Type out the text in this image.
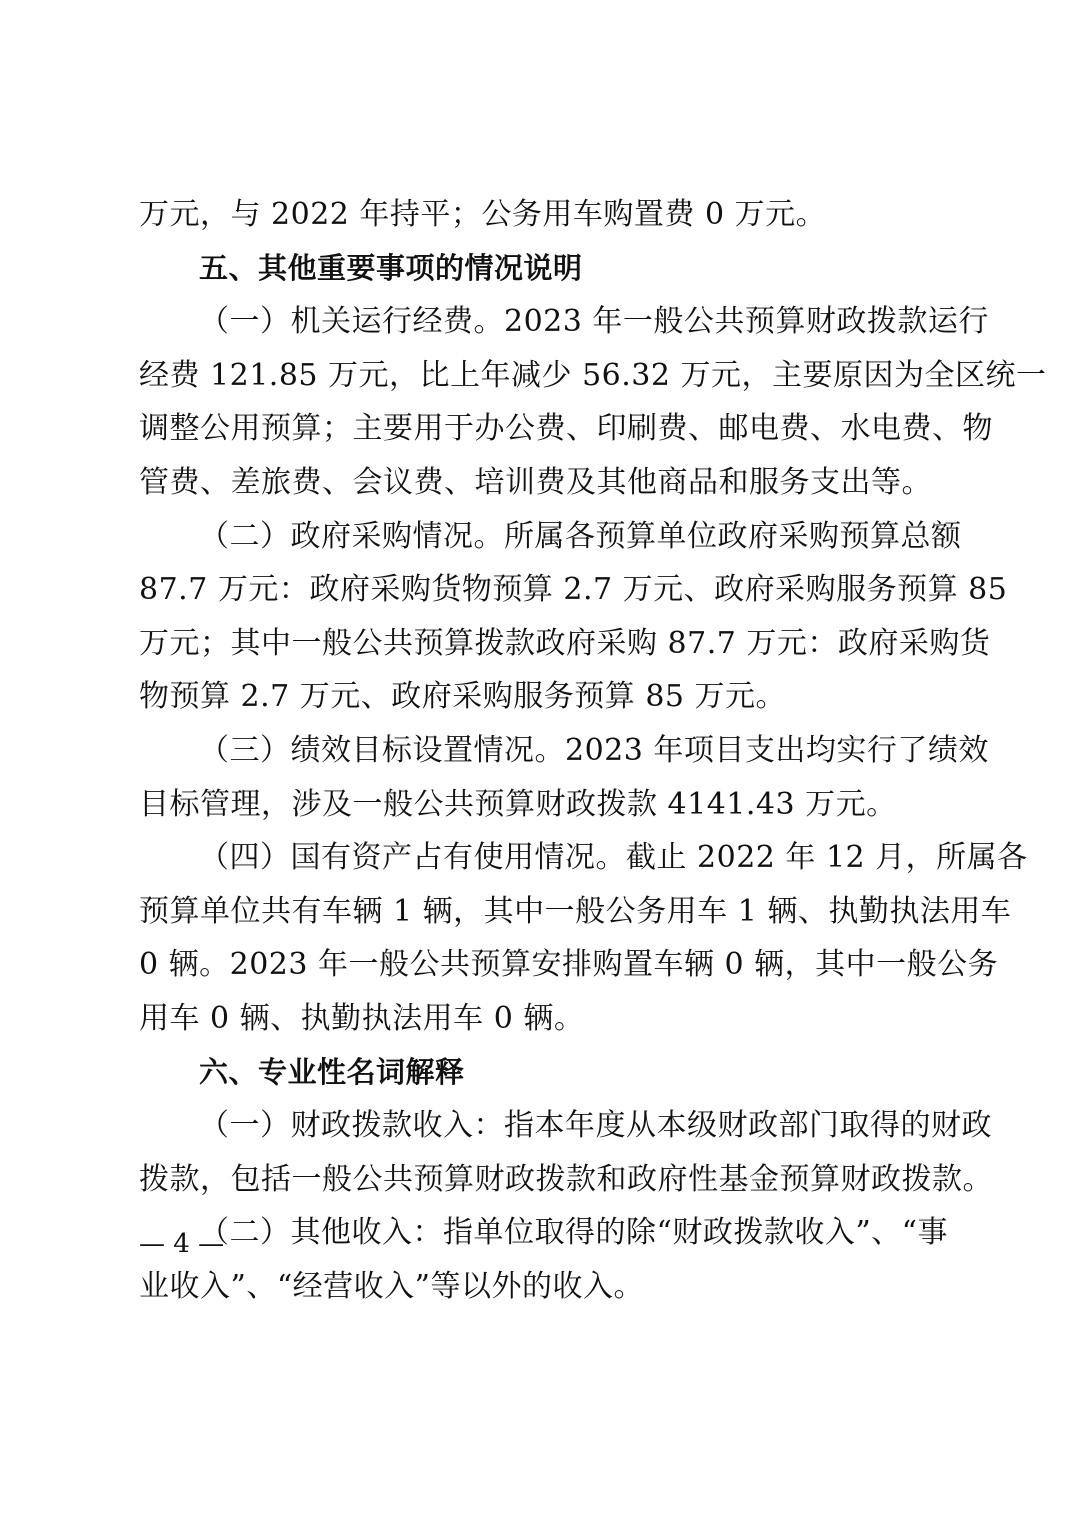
万元，与 2022 年持平；公务用车购置费 0 万元。
五、其他重要事项的情况说明
（一）机关运行经费。2023 年一般公共预算财政拨款运行
经费 121.85 万元，比上年减少 56.32 万元，主要原因为全区统一
调整公用预算；主要用于办公费、印刷费、邮电费、水电费、物
管费、差旅费、会议费、培训费及其他商品和服务支出等。
（二）政府采购情况。所属各预算单位政府采购预算总额
87.7 万元：政府采购货物预算 2.7 万元、政府采购服务预算 85
万元；其中一般公共预算拨款政府采购 87.7 万元：政府采购货
物预算 2.7 万元、政府采购服务预算 85 万元。
（三）绩效目标设置情况。2023 年项目支出均实行了绩效
目标管理，涉及一般公共预算财政拨款 4141.43 万元。
（四）国有资产占有使用情况。截止 2022 年 12 月，所属各
预算单位共有车辆 1 辆，其中一般公务用车 1 辆、执勤执法用车
0 辆。2023 年一般公共预算安排购置车辆 0 辆，其中一般公务
用车 0 辆、执勤执法用车 0 辆。
六、专业性名词解释
（一）财政拨款收入：指本年度从本级财政部门取得的财政
拨款，包括一般公共预算财政拨款和政府性基金预算财政拨款。
（二）其他收入：指单位取得的除“财政拨款收入”、“事
业收入”、“经营收入”等以外的收入。
— 4 —
